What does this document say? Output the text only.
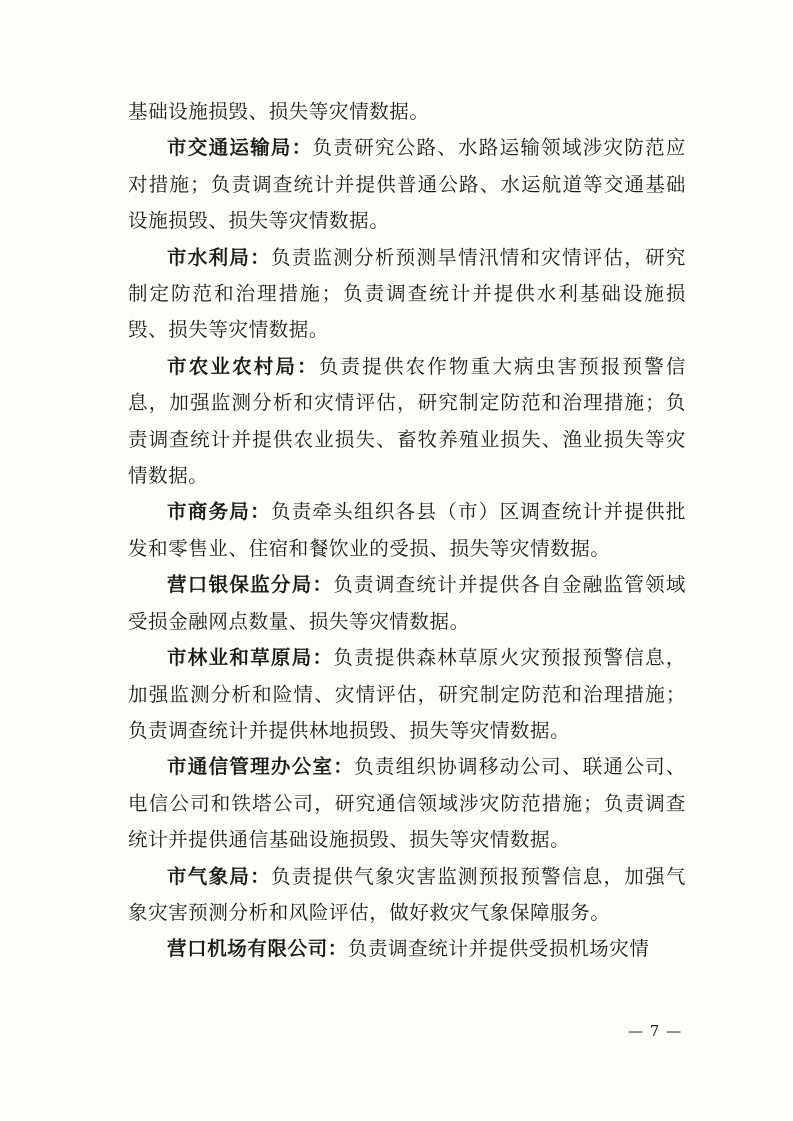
基础设施损毁、损失等灾情数据。

市交通运输局：负责研究公路、水路运输领域涉灾防范应对措施；负责调查统计并提供普通公路、水运航道等交通基础设施损毁、损失等灾情数据。

市水利局：负责监测分析预测旱情汛情和灾情评估，研究制定防范和治理措施；负责调查统计并提供水利基础设施损毁、损失等灾情数据。

市农业农村局：负责提供农作物重大病虫害预报预警信息，加强监测分析和灾情评估，研究制定防范和治理措施；负责调查统计并提供农业损失、畜牧养殖业损失、渔业损失等灾情数据。

市商务局：负责牵头组织各县（市）区调查统计并提供批发和零售业、住宿和餐饮业的受损、损失等灾情数据。

营口银保监分局：负责调查统计并提供各自金融监管领域受损金融网点数量、损失等灾情数据。

市林业和草原局：负责提供森林草原火灾预报预警信息，加强监测分析和险情、灾情评估，研究制定防范和治理措施；负责调查统计并提供林地损毁、损失等灾情数据。

市通信管理办公室：负责组织协调移动公司、联通公司、电信公司和铁塔公司，研究通信领域涉灾防范措施；负责调查统计并提供通信基础设施损毁、损失等灾情数据。

市气象局：负责提供气象灾害监测预报预警信息，加强气象灾害预测分析和风险评估，做好救灾气象保障服务。

营口机场有限公司：负责调查统计并提供受损机场灾情

— 7 —
